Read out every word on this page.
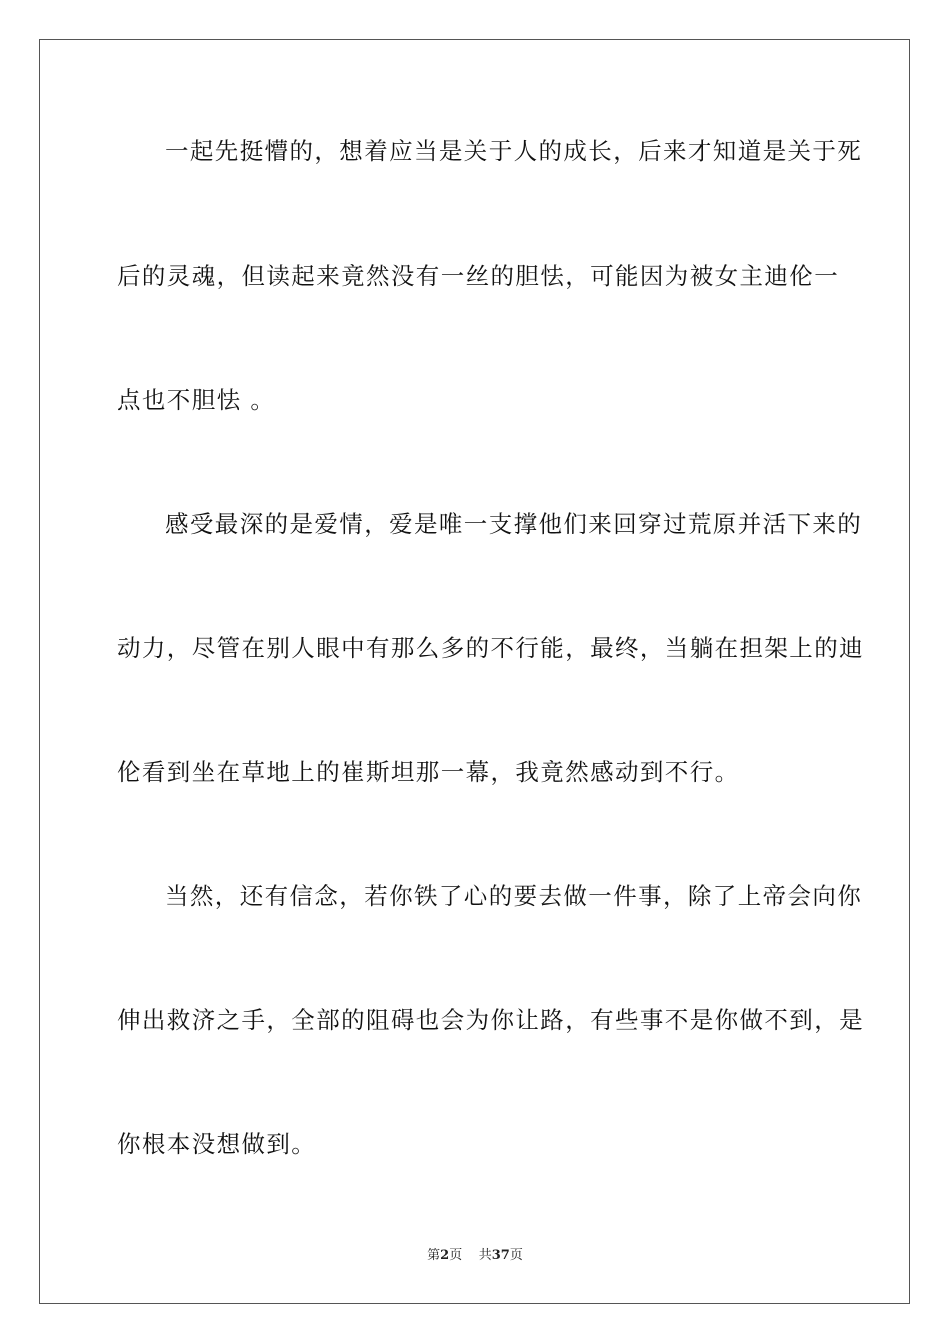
一起先挺懵的，想着应当是关于人的成长，后来才知道是关于死
后的灵魂，但读起来竟然没有一丝的胆怯，可能因为被女主迪伦一
点也不胆怯 。
感受最深的是爱情，爱是唯一支撑他们来回穿过荒原并活下来的
动力，尽管在别人眼中有那么多的不行能，最终，当躺在担架上的迪
伦看到坐在草地上的崔斯坦那一幕，我竟然感动到不行。
当然，还有信念，若你铁了心的要去做一件事，除了上帝会向你
伸出救济之手，全部的阻碍也会为你让路，有些事不是你做不到，是
你根本没想做到。
第2页 共37页
